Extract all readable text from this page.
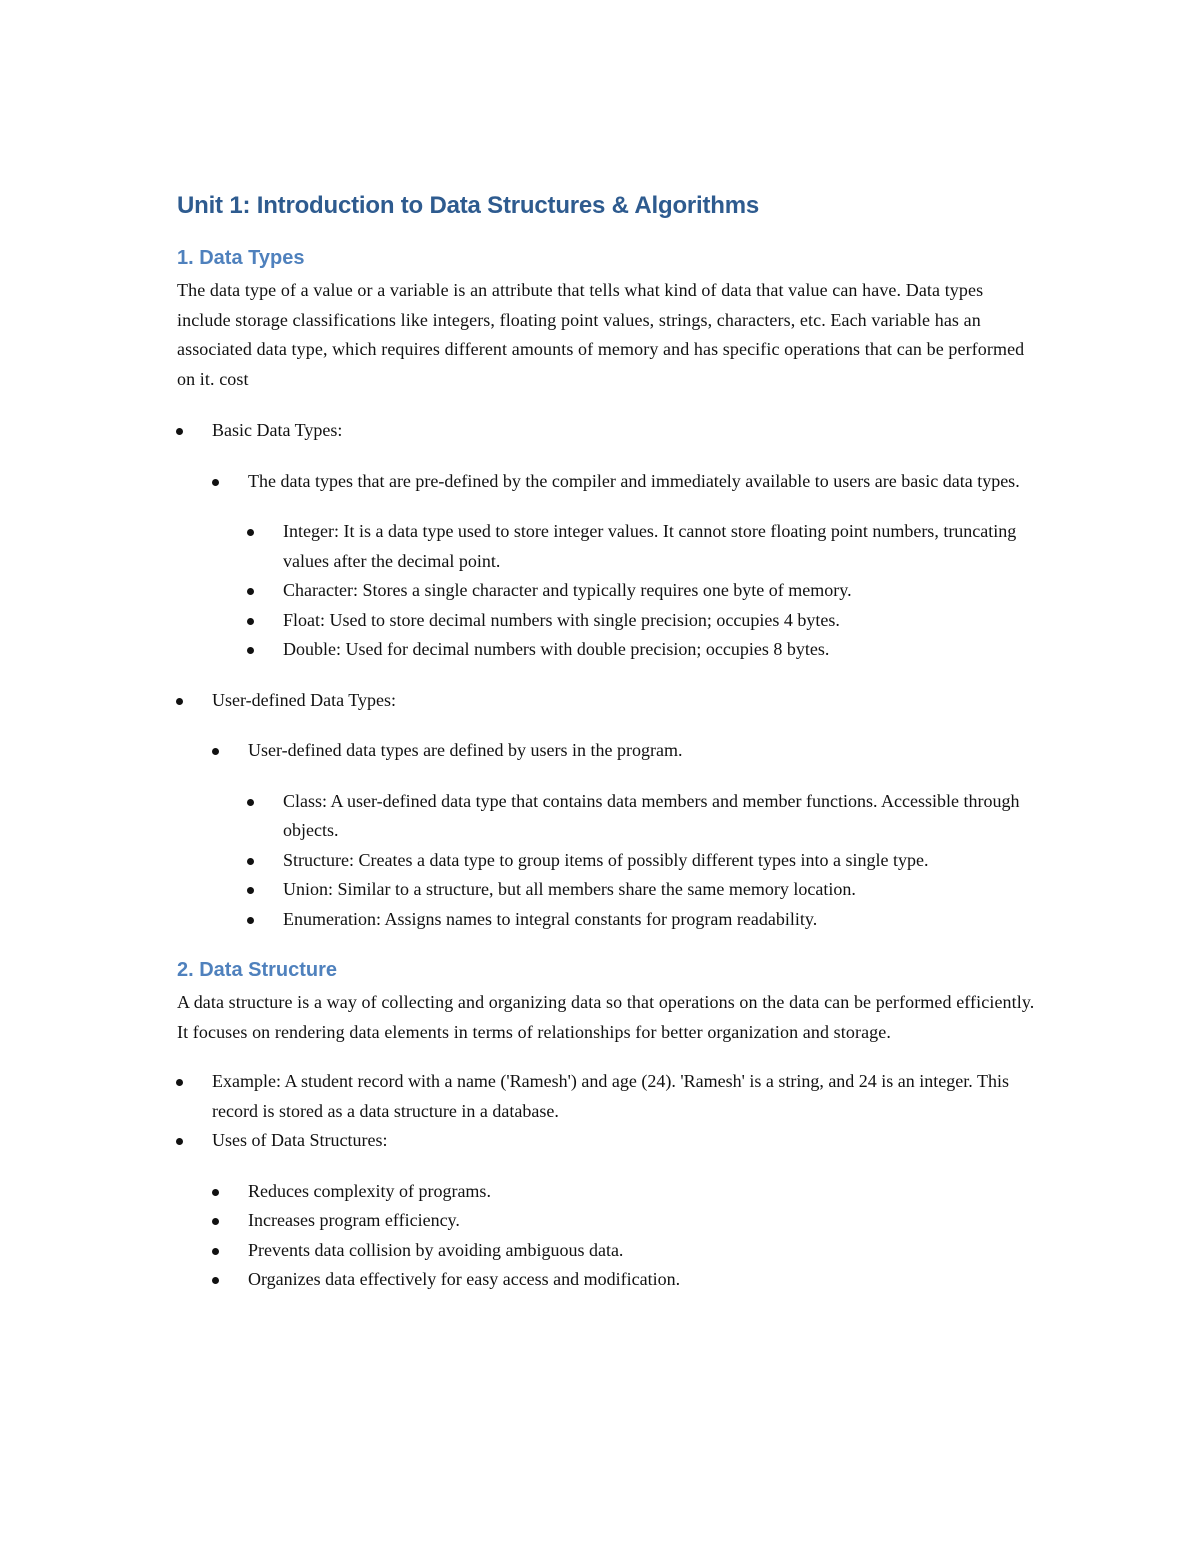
Unit 1: Introduction to Data Structures & Algorithms
1. Data Types

The data type of a value or a variable is an attribute that tells what kind of data that value can have. Data types include storage classifications like integers, floating point values, strings, characters, etc. Each variable has an associated data type, which requires different amounts of memory and has specific operations that can be performed on it. cost

Basic Data Types:
The data types that are pre-defined by the compiler and immediately available to users are basic data types.
Integer: It is a data type used to store integer values. It cannot store floating point numbers, truncating values after the decimal point.
Character: Stores a single character and typically requires one byte of memory.
Float: Used to store decimal numbers with single precision; occupies 4 bytes.
Double: Used for decimal numbers with double precision; occupies 8 bytes.
User-defined Data Types:
User-defined data types are defined by users in the program.
Class: A user-defined data type that contains data members and member functions. Accessible through objects.
Structure: Creates a data type to group items of possibly different types into a single type.
Union: Similar to a structure, but all members share the same memory location.
Enumeration: Assigns names to integral constants for program readability.
2. Data Structure

A data structure is a way of collecting and organizing data so that operations on the data can be performed efficiently. It focuses on rendering data elements in terms of relationships for better organization and storage.

Example: A student record with a name ('Ramesh') and age (24). 'Ramesh' is a string, and 24 is an integer. This record is stored as a data structure in a database.
Uses of Data Structures:
Reduces complexity of programs.
Increases program efficiency.
Prevents data collision by avoiding ambiguous data.
Organizes data effectively for easy access and modification.
